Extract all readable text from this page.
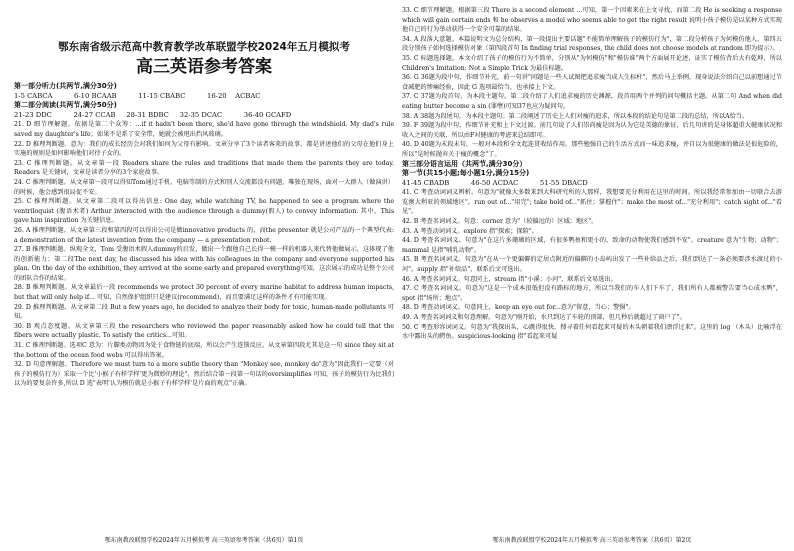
鄂东南省级示范高中教育教学改革联盟学校2024年五月模拟考
高三英语参考答案
第一部分听力(共两节,满分30分)
1-5 CABCA          6-10 BCAAB          11-15 CBABC          16-20    ACBAC
第二部分阅读(共两节,满分50分)
21-23 DDC          24-27 CCAB     28-31 BDBC     32-35 DCAC          36-40 GCAFD
21. D 细节理解题。依据是第二个众筹：...if it hadn't been there, she'd have gone through the windshield. My dad's rule saved my daughter's life；如果不是系了安全带，她就会被甩出挡风玻璃。
22. D 推理判断题。意为：我们的成长经历会对我们如何为父母有影响。文章分享了3个读者客来的故事，都是讲述他们的父母在他们身上实施的规则是如何影响他们对待子女的。
23. C 推理判断题。从文章第一段 Readers share the rules and traditions that made them the parents they are today. Readers 是关键词，文章是读者分享的3个家庭故事。
24. C 推理判断题。从文章第一段可以得知Tom通过手机、电脑等制的方式和别人交流都没有问题，唯独在现场，面对一大群人（做演讲）的时候，他会感到很局促不安。
25. C 推理判断题。从文章第二段可以得出信息: One day, while watching TV, he happened to see a program where the ventriloquist (腹语术者) Arthur interacted with the audience through a dummy(假人) to convey information. 其中，This gave him inspiration 为关键信息。
26. A 推理判断题。从文章第三段和第四段可以得出公司是做innovative products 的，而the presenter 就是公司产品的一个典型代表: a demonstration of the latest invention from the company — a presentation robot.
27. B 推理判断题。纵观全文，Tom 受腹语术假人dummy的启发，做出一个跟他自己长得一模一样的机器人来代替他做展示，这体现了他的创新能力；第二段The next day, he discussed his idea with his colleagues in the company and everyone supported his plan. On the day of the exhibition, they arrived at the scene early and prepared everything可知，这次展示的成功是整个公司的团队合作的结果。
28. B 推理判断题。从文章最后一段 recommends we protect 30 percent of every marine habitat to address human impacts, but that will only help if... 可知，自然保护组织只是建议(recommend)，而且要满足这样的条件才有可能实现。
29. D 推理判断题。从文章第二段 But a few years ago, he decided to analyze their body for toxic, human-made pollutants 可知。
30. B 观点态度题。从文章第三段 the researchers who reviewed the paper reasonably asked how he could tell that the fibers were actually plastic. To satisfy the critics...可知。
31. C 推理判断题。选项C 意为：片脚类动物因为处于食物链的底端，所以会产生连锁反应。从文章第四段尤其是这一句 since they sit at the bottom of the ocean food webs 可以得出答案。
32. D 句意理解题。Therefore we must turn to a more subtle theory than "Monkey see, monkey do"意为"因此我们一定要（对孩子的模仿行为）采取一个比'小猴子有样学样'更为微妙的理论"，然后结合第一段第一句话的oversimplifies 可知，孩子的模仿行为比我们以为的要复杂许多,所以 D 选"表明'认为模仿就是小猴子有样学样'是片面的观点"正确。
33. C 细节理解题。根据第三段 There is a second element ...可知，第一个因素来在上文寻找，而第二段 He is seeking a response which will gain certain ends 和 he observes a model who seems able to get the right result 说明小孩子模仿是以某种方式实现他自己的行为举动获得一个安全可靠的结果。
34. A 段落大意题。本篇说明文为总分结构，第一段提出主要话题"不能简单理解孩子的模仿行为"，第二段分析孩子为何模仿他人，第四五段分别孩子如何选择模仿对象（第四段首句 In finding trial responses, the child does not choose models at random 即为提示）。
35. C 标题选择题。本文介绍了孩子的模仿行为不简单，分别从"为何模仿"和"模仿谁"两个方面展开论述，证实了模仿背后大有乾坤，所以 Children's Imitation: Not a Simple Trick 为最佳标题。
36. G 36题为段中句，作细节补充，前一句讲"问题是一些人试图把追求瘦当成人生标杆"，然后马上举例，现身说法介绍自己以前想通过节食减肥的惨痛经验，因此 G 选项最恰当，也承接上下文。
37. C 37题为段首句，为本段主题句。第二段介绍了人们追求瘦的历史渊源，段首用两个并列的问句概括主题。从第二句 And when did eating butter become a sin (罪孽)可知37也应为疑问句。
38. A 38题为段尾句，为本段主题句。第二段阐述了历史上人们对瘦的追求，所以本段的结论句是第二段的总结，所以A恰当。
39. F 39题为段中句，作细节补充和上下文过渡。前几句说了人们崇尚瘦是因为认为它是美德的象征，后几句讲的是身体超重大健康状况和收入之间的关联，所以由F对健康的考虑来总结即可。
40. D 40题为末段末句，一般对本段和全文起连贯收结作用。那些勉强自己的生活方式而一味追求瘦，并自以为很健康的做法是很危险的，所以"是时候抛弃关于瘦的概念"了。
第三部分语言运用（共两节,满分30分）
第一节(共15小题;每小题1分,满分15分)
41-45 CBADB          46-50 ACDAC          51-55 DBACD
41. C 考查动词词义辨析。句意为"就像大多数来到大科研究所的人那样，我想要充分利用在这里的时间。所以我经常参加由一切联合去游览澳大利亚的领域地区"。run out of..."用完"; take hold of..."抓住；掌握住"；make the most of..."充分利用"；catch sight of..."看见"。
42. B 考查名词词义。句意：corner 意为"（较偏远的）区域；地区"。
43. A 考查动词词义。explore 指"探索；探险"。
44. D 考查名词词义。句意为"在这片多珊瑚的区域，有很多鸭鱼和更小的、致命的动物使我们感到不安"。creature 意为"生物；动物"；mammal 是指"哺乳动物"。
45. B 考查名词词义。句意为"在从一个更偏僻的定居点附近的偏僻的小岛屿出发了一些补给品之后，我们到达了一条必须要涉水渡过的小河"。supply 指"补给品"，联系后文可选出。
46. A 考查名词词义。句意同上，stream 指"小溪；小河"，联系后文易选出。
47. C 考查名词词义。句意为"这是一个成本很低但没有路标的地方，所以当我们的车人们下车了，我们所有人都被警告要当心成水鸭"，spot 指"场所；地点"。
48. D 考查动词词义。句意同上，keep an eye out for...意为"留意，当心；警惕"。
49. A 考查名词词义和句意理解。句意为"刚开始，水只到达了车轮的顶部，但几秒后就超过了窗户了"。
50. C 考查形容词词义。句意为"我探出头，心跳得很快，搜寻着任何看起来可疑的木头朝着我们漂浮过来"。这里的 log （木头）比喻浮在水中露出头的鳄鱼。suspicious-looking 指"看起来可疑
鄂东南教改联盟学校2024年五月模拟考 高三英语参考答案（共6页）第1页	鄂东南教改联盟学校2024年五月模拟考 高三英语参考答案（共6页）第2页
